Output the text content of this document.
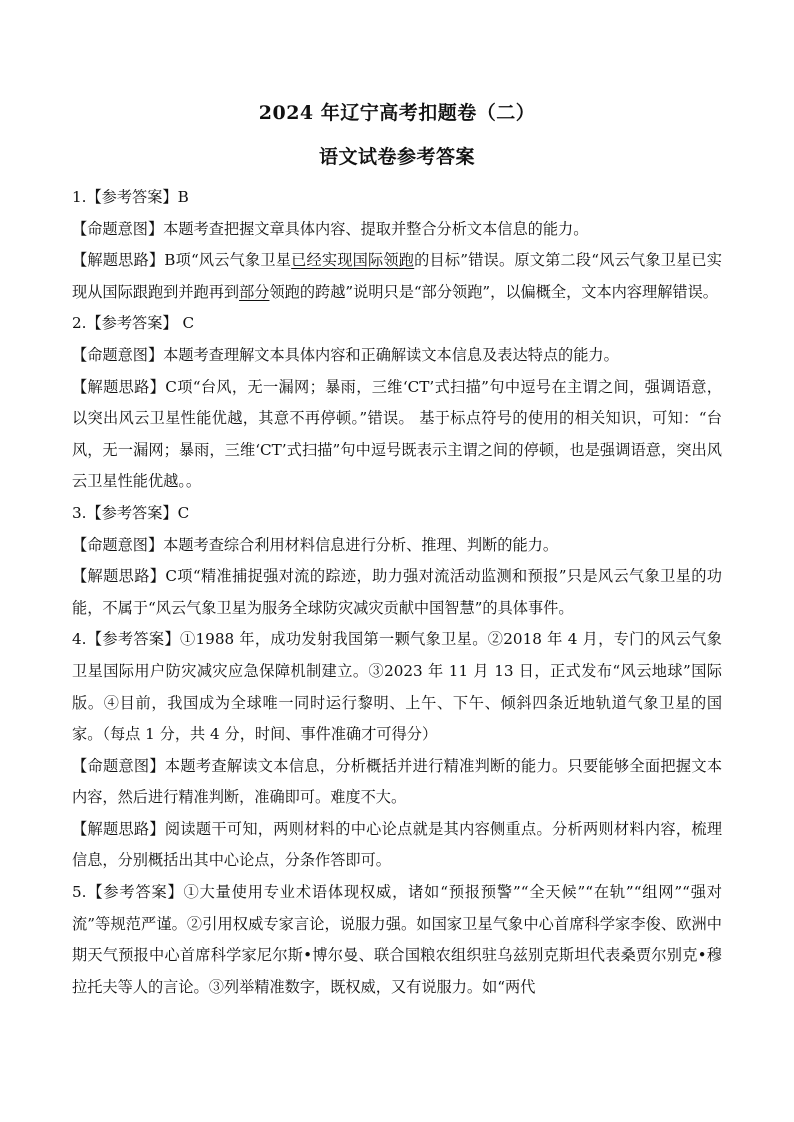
2024 年辽宁高考扣题卷（二）
语文试卷参考答案

1.【参考答案】B

【命题意图】本题考查把握文章具体内容、提取并整合分析文本信息的能力。

【解题思路】B项“风云气象卫星已经实现国际领跑的目标”错误。原文第二段“风云气象卫星已实现从国际跟跑到并跑再到部分领跑的跨越”说明只是“部分领跑”，以偏概全，文本内容理解错误。

2.【参考答案】 C

【命题意图】本题考查理解文本具体内容和正确解读文本信息及表达特点的能力。

【解题思路】C项“台风，无一漏网；暴雨，三维‘CT’式扫描”句中逗号在主谓之间，强调语意，以突出风云卫星性能优越，其意不再停顿。”错误。 基于标点符号的使用的相关知识，可知：“台风，无一漏网；暴雨，三维‘CT’式扫描”句中逗号既表示主谓之间的停顿，也是强调语意，突出风云卫星性能优越。。

3.【参考答案】C

【命题意图】本题考查综合利用材料信息进行分析、推理、判断的能力。

【解题思路】C项“精准捕捉强对流的踪迹，助力强对流活动监测和预报”只是风云气象卫星的功能，不属于“风云气象卫星为服务全球防灾减灾贡献中国智慧”的具体事件。

4.【参考答案】①1988 年，成功发射我国第一颗气象卫星。②2018 年 4 月，专门的风云气象卫星国际用户防灾减灾应急保障机制建立。③2023 年 11 月 13 日，正式发布“风云地球”国际版。④目前，我国成为全球唯一同时运行黎明、上午、下午、倾斜四条近地轨道气象卫星的国家。（每点 1 分，共 4 分，时间、事件准确才可得分）

【命题意图】本题考查解读文本信息，分析概括并进行精准判断的能力。只要能够全面把握文本内容，然后进行精准判断，准确即可。难度不大。

【解题思路】阅读题干可知，两则材料的中心论点就是其内容侧重点。分析两则材料内容，梳理信息，分别概括出其中心论点，分条作答即可。

5.【参考答案】①大量使用专业术语体现权威，诸如“预报预警”“全天候”“在轨”“组网”“强对流”等规范严谨。②引用权威专家言论，说服力强。如国家卫星气象中心首席科学家李俊、欧洲中期天气预报中心首席科学家尼尔斯•博尔曼、联合国粮农组织驻乌兹别克斯坦代表桑贾尔别克•穆拉托夫等人的言论。③列举精准数字，既权威，又有说服力。如“两代
